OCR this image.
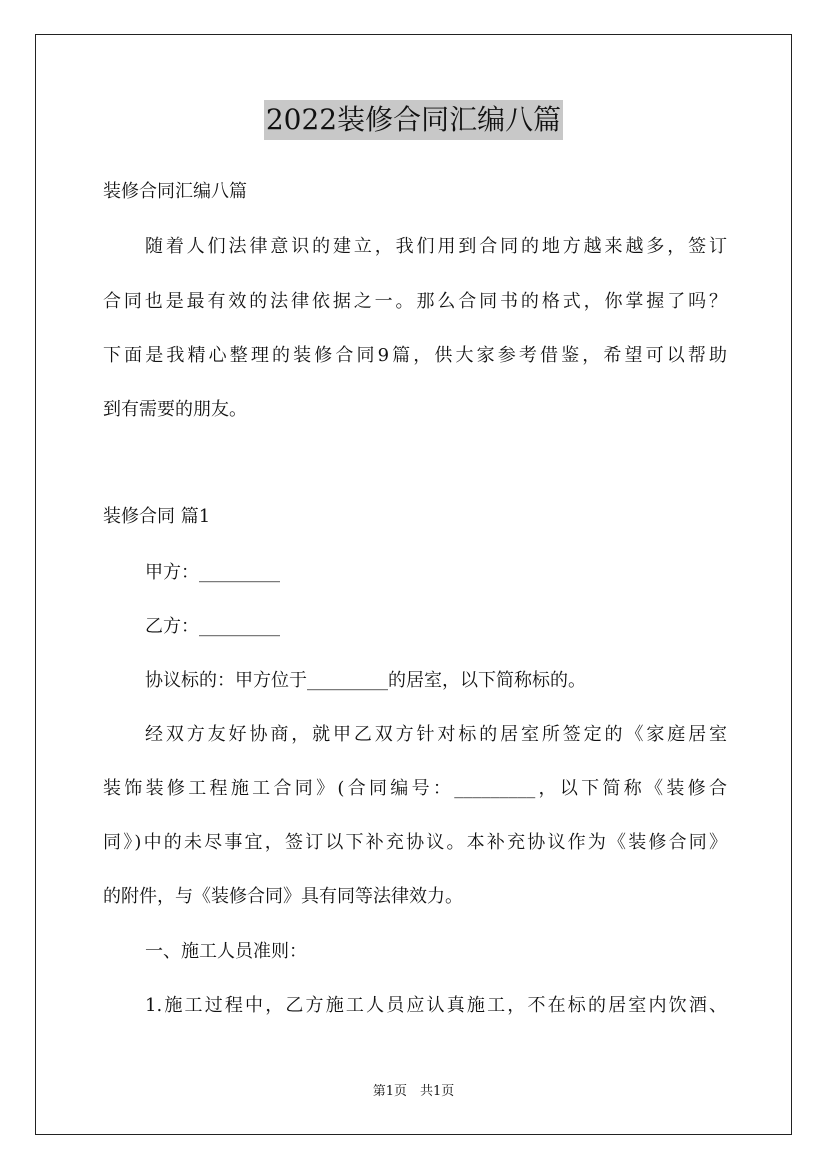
2022装修合同汇编八篇
装修合同汇编八篇
随着人们法律意识的建立，我们用到合同的地方越来越多，签订
合同也是最有效的法律依据之一。那么合同书的格式，你掌握了吗？
下面是我精心整理的装修合同9篇，供大家参考借鉴，希望可以帮助
到有需要的朋友。
装修合同 篇1
甲方：_________
乙方：_________
协议标的：甲方位于_________的居室，以下简称标的。
经双方友好协商，就甲乙双方针对标的居室所签定的《家庭居室
装饰装修工程施工合同》(合同编号：_________，以下简称《装修合
同》)中的未尽事宜，签订以下补充协议。本补充协议作为《装修合同》
的附件，与《装修合同》具有同等法律效力。
一、施工人员准则：
1.施工过程中，乙方施工人员应认真施工，不在标的居室内饮酒、
第1页　共1页
